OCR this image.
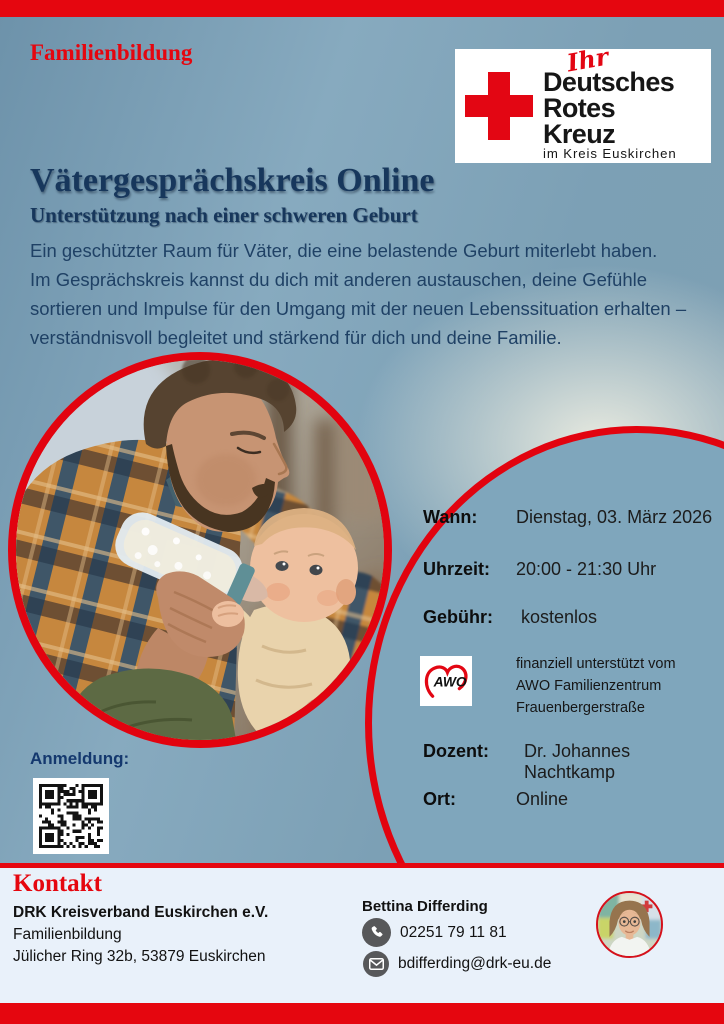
Familienbildung	Ihr
Deutsches
Rotes
Kreuz
im Kreis Euskirchen
Vätergesprächskreis Online
Unterstützung nach einer schweren Geburt

Ein geschützter Raum für Väter, die eine belastende Geburt miterlebt haben.
Im Gesprächskreis kannst du dich mit anderen austauschen, deine Gefühle sortieren und Impulse für den Umgang mit der neuen Lebenssituation erhalten – verständnisvoll begleitet und stärkend für dich und deine Familie.

Wann: Dienstag, 03. März 2026
Uhrzeit: 20:00 - 21:30 Uhr
Gebühr: kostenlos
AWO
finanziell unterstützt vom
AWO Familienzentrum
Frauenbergerstraße
Dozent: Dr. Johannes Nachtkamp
Ort:	Online
Anmeldung:
Kontakt
DRK Kreisverband Euskirchen e.V.
Familienbildung
Jülicher Ring 32b, 53879 Euskirchen
Bettina Differding
02251 79 11 81
bdifferding@drk-eu.de
